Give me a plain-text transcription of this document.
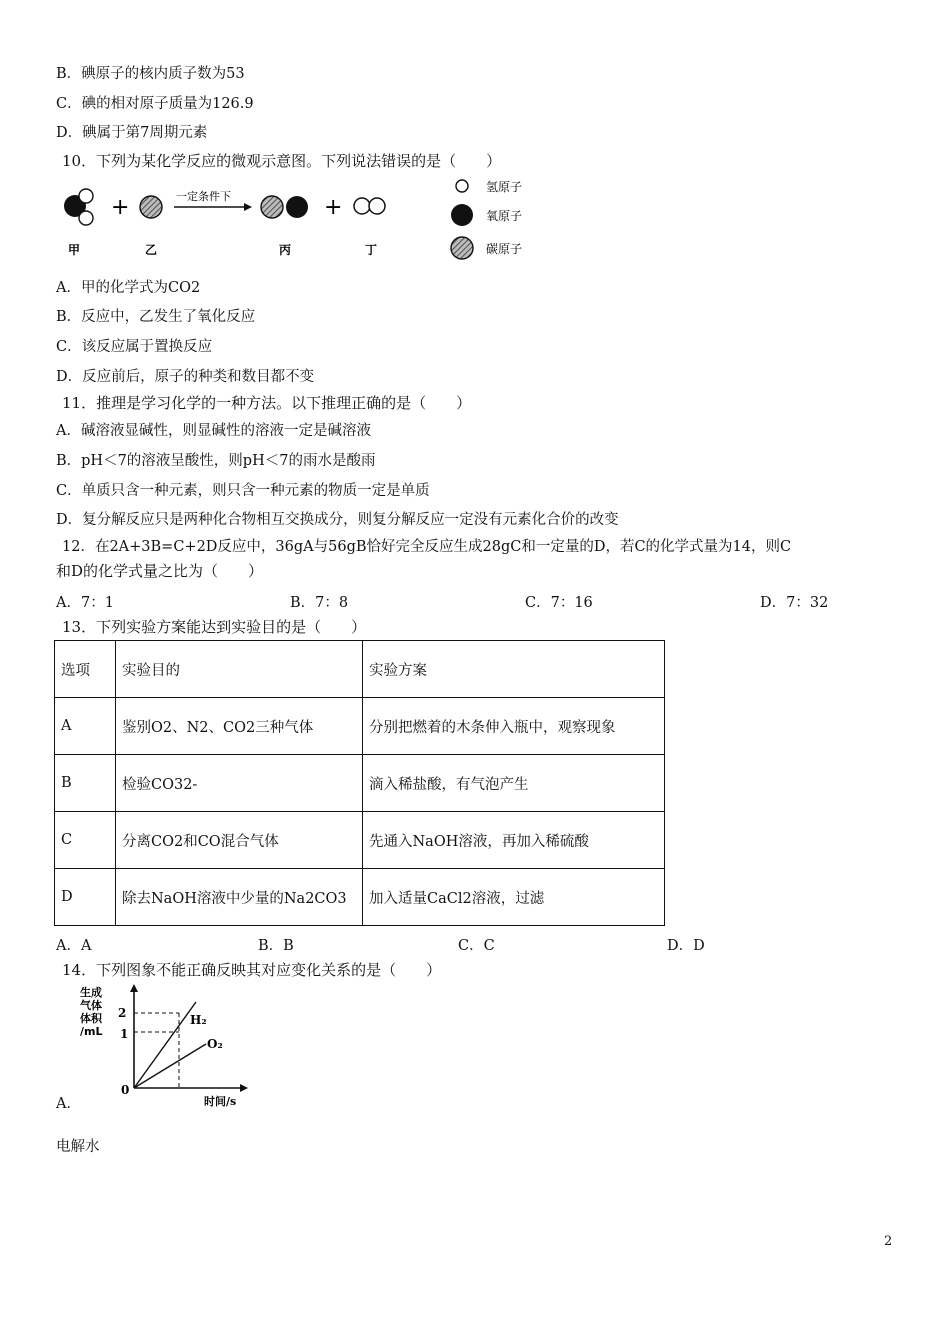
B．碘原子的核内质子数为53
C．碘的相对原子质量为126.9
D．碘属于第7周期元素
10．下列为某化学反应的微观示意图。下列说法错误的是（　　）
+	一定条件下	+
甲	乙	丙	丁
氢原子
氧原子
碳原子
A．甲的化学式为CO2
B．反应中，乙发生了氧化反应
C．该反应属于置换反应
D．反应前后，原子的种类和数目都不变
11．推理是学习化学的一种方法。以下推理正确的是（　　）
A．碱溶液显碱性，则显碱性的溶液一定是碱溶液
B．pH＜7的溶液呈酸性，则pH＜7的雨水是酸雨
C．单质只含一种元素，则只含一种元素的物质一定是单质
D．复分解反应只是两种化合物相互交换成分，则复分解反应一定没有元素化合价的改变
12．在2A+3B=C+2D反应中，36gA与56gB恰好完全反应生成28gC和一定量的D，若C的化学式量为14，则C
和D的化学式量之比为（　　）
A．7：1	B．7：8	C．7：16	D．7：32
13．下列实验方案能达到实验目的是（　　）
选项	实验目的	实验方案
A	鉴别O2、N2、CO2三种气体	分别把燃着的木条伸入瓶中，观察现象
B	检验CO32-	滴入稀盐酸，有气泡产生
C	分离CO2和CO混合气体	先通入NaOH溶液，再加入稀硫酸
D	除去NaOH溶液中少量的Na2CO3	加入适量CaCl2溶液，过滤
A．A	B．B	C．C	D．D
14．下列图象不能正确反映其对应变化关系的是（　　）
生成
气体
体积
/mL
2
1
0
H₂
O₂
时间/s
A．
电解水
2
